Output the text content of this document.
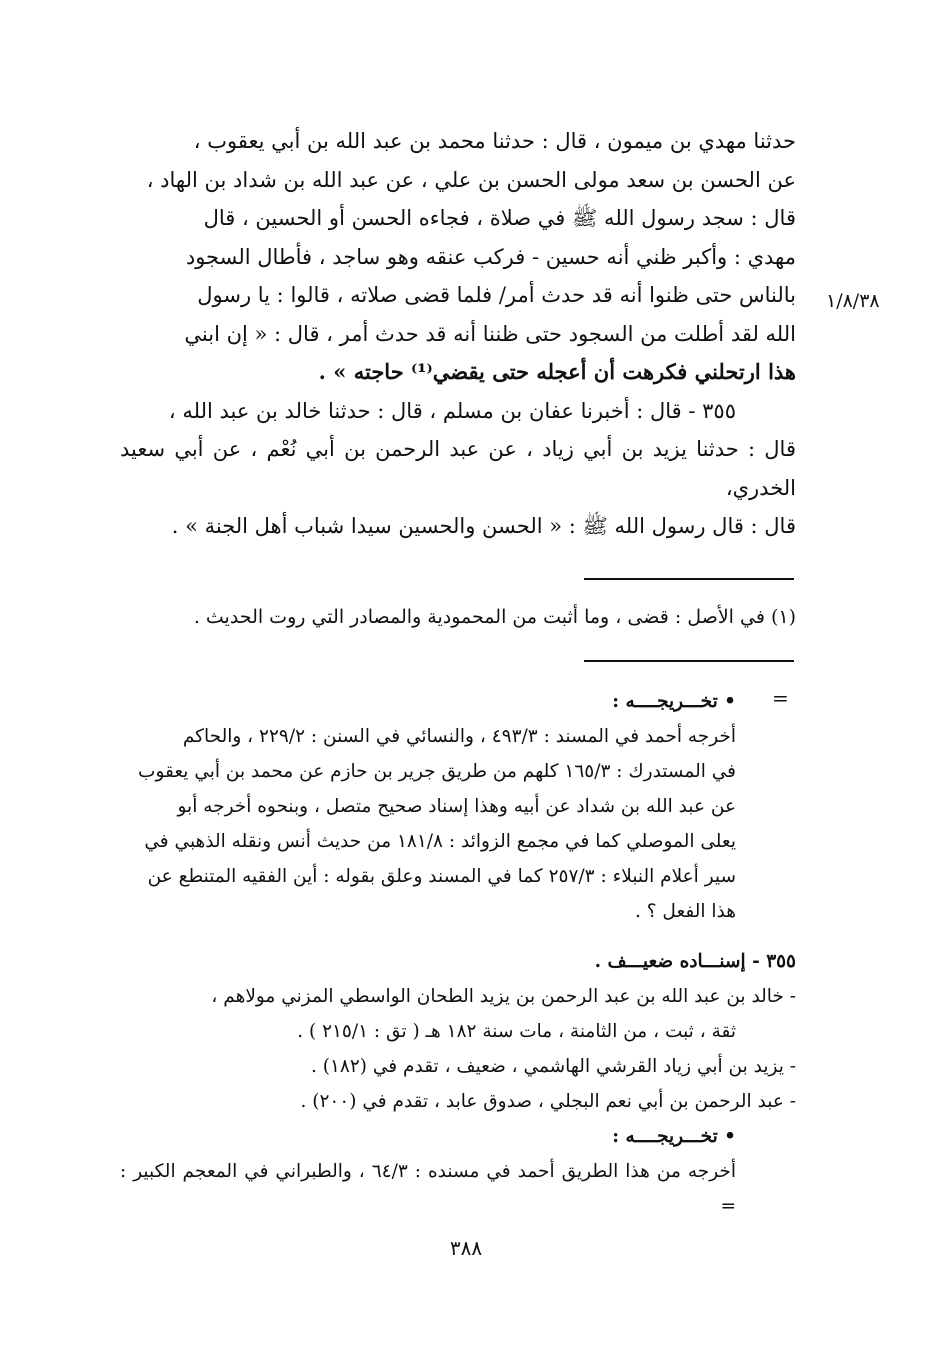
حدثنا مهدي بن ميمون ، قال : حدثنا محمد بن عبد الله بن أبي يعقوب ،

عن الحسن بن سعد مولى الحسن بن علي ، عن عبد الله بن شداد بن الهاد ،

قال : سجد رسول الله ﷺ في صلاة ، فجاءه الحسن أو الحسين ، قال

مهدي : وأكبر ظني أنه حسين - فركب عنقه وهو ساجد ، فأطال السجود

بالناس حتى ظنوا أنه قد حدث أمر/ فلما قضى صلاته ، قالوا : يا رسول

الله لقد أطلت من السجود حتى ظننا أنه قد حدث أمر ، قال : « إن ابني

هذا ارتحلني فكرهت أن أعجله حتى يقضي⁽¹⁾ حاجته » .

٣٥٥ - قال : أخبرنا عفان بن مسلم ، قال : حدثنا خالد بن عبد الله ،

قال : حدثنا يزيد بن أبي زياد ، عن عبد الرحمن بن أبي نُعْم ، عن أبي سعيد الخدري،

قال : قال رسول الله ﷺ : « الحسن والحسين سيدا شباب أهل الجنة » .

١/٨/٣٨
(١) في الأصل : قضى ، وما أثبت من المحمودية والمصادر التي روت الحديث .
=
• تخـــريجــــه :
أخرجه أحمد في المسند : ٤٩٣/٣ ، والنسائي في السنن : ٢٢٩/٢ ، والحاكم
في المستدرك : ١٦٥/٣ كلهم من طريق جرير بن حازم عن محمد بن أبي يعقوب
عن عبد الله بن شداد عن أبيه وهذا إسناد صحيح متصل ، وبنحوه أخرجه أبو
يعلى الموصلي كما في مجمع الزوائد : ١٨١/٨ من حديث أنس ونقله الذهبي في
سير أعلام النبلاء : ٢٥٧/٣ كما في المسند وعلق بقوله : أين الفقيه المتنطع عن
هذا الفعل ؟ .
٣٥٥ - إسنـــاده ضعيـــف .
- خالد بن عبد الله بن عبد الرحمن بن يزيد الطحان الواسطي المزني مولاهم ،
ثقة ، ثبت ، من الثامنة ، مات سنة ١٨٢ هـ ( تق : ٢١٥/١ ) .
- يزيد بن أبي زياد القرشي الهاشمي ، ضعيف ، تقدم في (١٨٢) .
- عبد الرحمن بن أبي نعم البجلي ، صدوق عابد ، تقدم في (٢٠٠) .
• تخـــريجــــه :
أخرجه من هذا الطريق أحمد في مسنده : ٦٤/٣ ، والطبراني في المعجم الكبير : =
٣٨٨
